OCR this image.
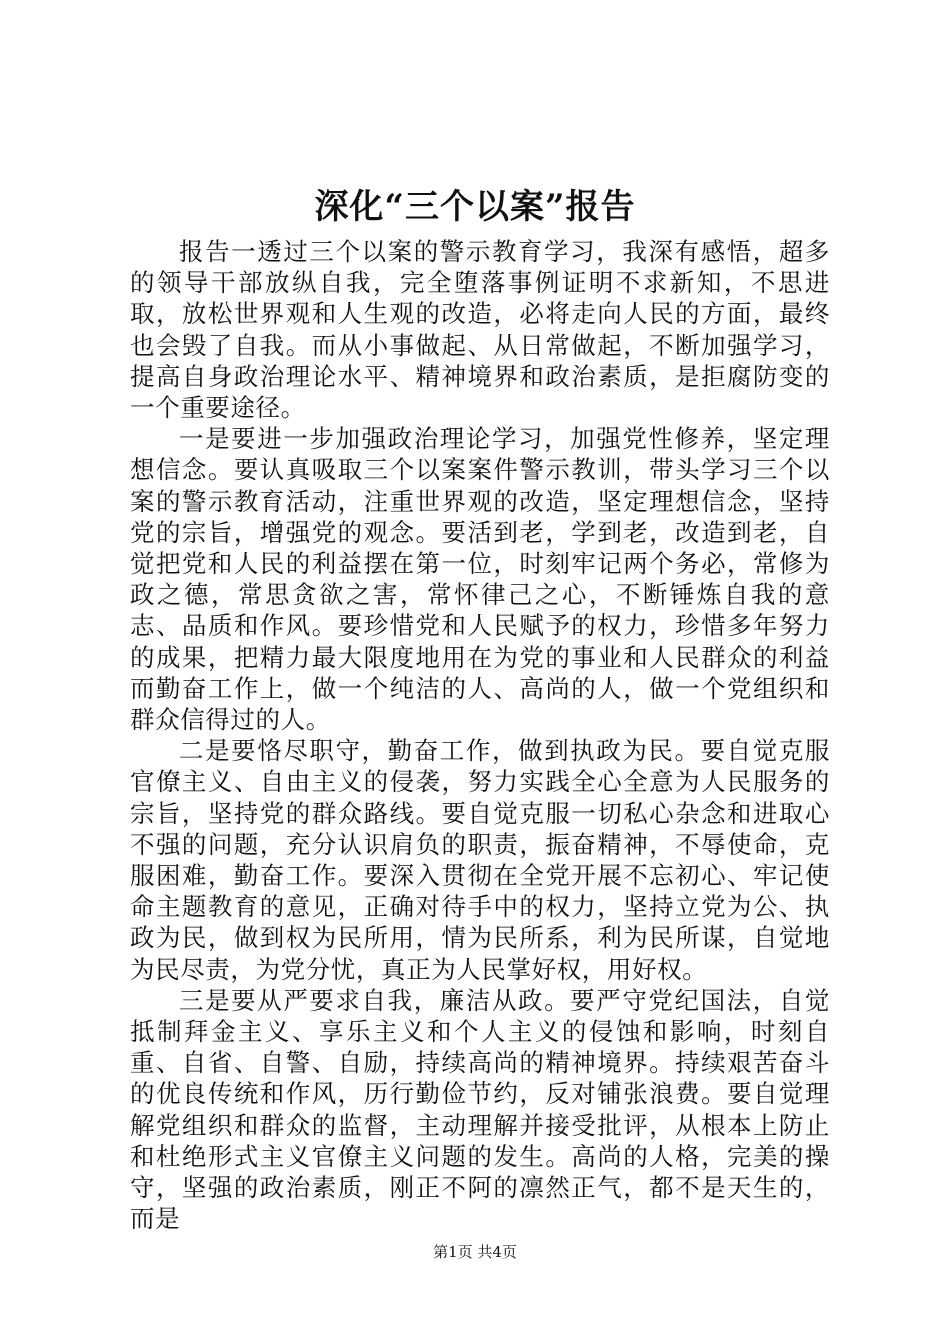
深化“三个以案”报告

报告一透过三个以案的警示教育学习，我深有感悟，超多的领导干部放纵自我，完全堕落事例证明不求新知，不思进取，放松世界观和人生观的改造，必将走向人民的方面，最终也会毁了自我。而从小事做起、从日常做起，不断加强学习，提高自身政治理论水平、精神境界和政治素质，是拒腐防变的一个重要途径。

一是要进一步加强政治理论学习，加强党性修养，坚定理想信念。要认真吸取三个以案案件警示教训，带头学习三个以案的警示教育活动，注重世界观的改造，坚定理想信念，坚持党的宗旨，增强党的观念。要活到老，学到老，改造到老，自觉把党和人民的利益摆在第一位，时刻牢记两个务必，常修为政之德，常思贪欲之害，常怀律己之心，不断锤炼自我的意志、品质和作风。要珍惜党和人民赋予的权力，珍惜多年努力的成果，把精力最大限度地用在为党的事业和人民群众的利益而勤奋工作上，做一个纯洁的人、高尚的人，做一个党组织和群众信得过的人。

二是要恪尽职守，勤奋工作，做到执政为民。要自觉克服官僚主义、自由主义的侵袭，努力实践全心全意为人民服务的宗旨，坚持党的群众路线。要自觉克服一切私心杂念和进取心不强的问题，充分认识肩负的职责，振奋精神，不辱使命，克服困难，勤奋工作。要深入贯彻在全党开展不忘初心、牢记使命主题教育的意见，正确对待手中的权力，坚持立党为公、执政为民，做到权为民所用，情为民所系，利为民所谋，自觉地为民尽责，为党分忧，真正为人民掌好权，用好权。

三是要从严要求自我，廉洁从政。要严守党纪国法，自觉抵制拜金主义、享乐主义和个人主义的侵蚀和影响，时刻自重、自省、自警、自励，持续高尚的精神境界。持续艰苦奋斗的优良传统和作风，历行勤俭节约，反对铺张浪费。要自觉理解党组织和群众的监督，主动理解并接受批评，从根本上防止和杜绝形式主义官僚主义问题的发生。高尚的人格，完美的操守，坚强的政治素质，刚正不阿的凛然正气，都不是天生的，而是

第1页 共4页
